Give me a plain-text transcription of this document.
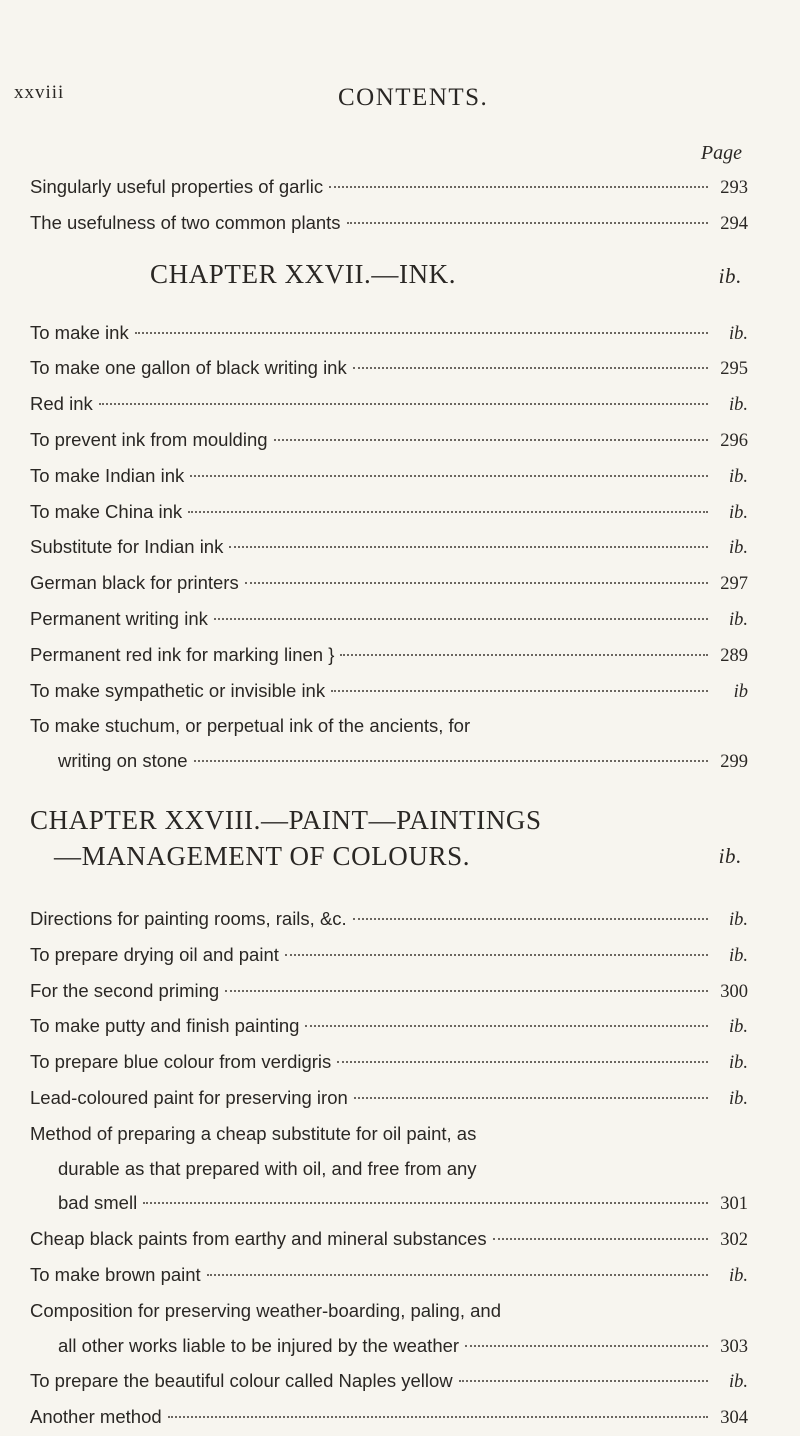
xxviii	CONTENTS.
Page
Singularly useful properties of garlic	293
The usefulness of two common plants	294
CHAPTER XXVII.—INK.	ib.
To make ink	ib.
To make one gallon of black writing ink	295
Red ink	ib.
To prevent ink from moulding	296
To make Indian ink	ib.
To make China ink	ib.
Substitute for Indian ink	ib.
German black for printers	297
Permanent writing ink	ib.
Permanent red ink for marking linen }	289
To make sympathetic or invisible ink	ib
To make stuchum, or perpetual ink of the ancients, for
writing on stone	299
CHAPTER XXVIII.—PAINT—PAINTINGS
—MANAGEMENT OF COLOURS.	ib.
Directions for painting rooms, rails, &c.	ib.
To prepare drying oil and paint	ib.
For the second priming	300
To make putty and finish painting	ib.
To prepare blue colour from verdigris	ib.
Lead-coloured paint for preserving iron	ib.
Method of preparing a cheap substitute for oil paint, as
durable as that prepared with oil, and free from any
bad smell	301
Cheap black paints from earthy and mineral substances	302
To make brown paint	ib.
Composition for preserving weather-boarding, paling, and
all other works liable to be injured by the weather	303
To prepare the beautiful colour called Naples yellow	ib.
Another method	304
